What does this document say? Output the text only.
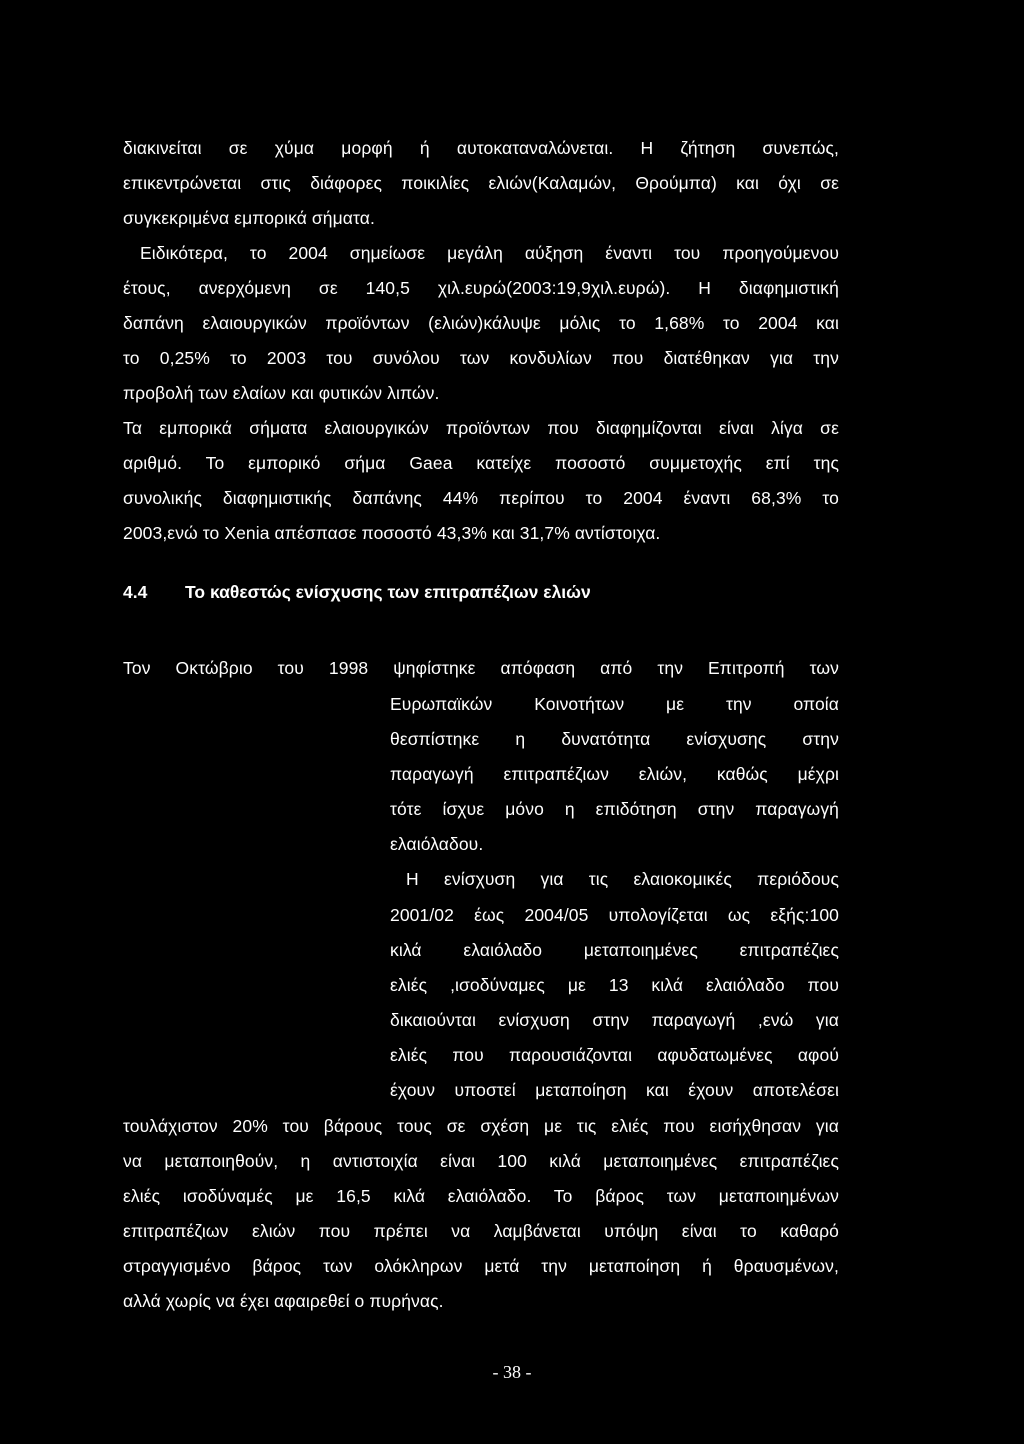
διακινείται σε χύμα μορφή ή αυτοκαταναλώνεται. Η ζήτηση συνεπώς,
επικεντρώνεται στις διάφορες ποικιλίες ελιών(Καλαμών, Θρούμπα) και όχι σε
συγκεκριμένα εμπορικά σήματα.
Ειδικότερα, το 2004 σημείωσε μεγάλη αύξηση έναντι του προηγούμενου
έτους, ανερχόμενη σε 140,5 χιλ.ευρώ(2003:19,9χιλ.ευρώ). Η διαφημιστική
δαπάνη ελαιουργικών προϊόντων (ελιών)κάλυψε μόλις το 1,68% το 2004 και
το 0,25% το 2003 του συνόλου των κονδυλίων που διατέθηκαν για την
προβολή των ελαίων και φυτικών λιπών.
Τα εμπορικά σήματα ελαιουργικών προϊόντων που διαφημίζονται είναι λίγα σε
αριθμό. Το εμπορικό σήμα Gaea κατείχε ποσοστό συμμετοχής επί της
συνολικής διαφημιστικής δαπάνης 44% περίπου το 2004 έναντι 68,3% το
2003,ενώ το Xenia απέσπασε ποσοστό 43,3% και 31,7% αντίστοιχα.
4.4 Το καθεστώς ενίσχυσης των επιτραπέζιων ελιών
Τον Οκτώβριο του 1998 ψηφίστηκε απόφαση από την Επιτροπή των
Ευρωπαϊκών Κοινοτήτων με την οποία
θεσπίστηκε η δυνατότητα ενίσχυσης στην
παραγωγή επιτραπέζιων ελιών, καθώς μέχρι
τότε ίσχυε μόνο η επιδότηση στην παραγωγή
ελαιόλαδου.
Η ενίσχυση για τις ελαιοκομικές περιόδους
2001/02 έως 2004/05 υπολογίζεται ως εξής:100
κιλά ελαιόλαδο μεταποιημένες επιτραπέζιες
ελιές ,ισοδύναμες με 13 κιλά ελαιόλαδο που
δικαιούνται ενίσχυση στην παραγωγή ,ενώ για
ελιές που παρουσιάζονται αφυδατωμένες αφού
έχουν υποστεί μεταποίηση και έχουν αποτελέσει
τουλάχιστον 20% του βάρους τους σε σχέση με τις ελιές που εισήχθησαν για
να μεταποιηθούν, η αντιστοιχία είναι 100 κιλά μεταποιημένες επιτραπέζιες
ελιές ισοδύναμές με 16,5 κιλά ελαιόλαδο. Το βάρος των μεταποιημένων
επιτραπέζιων ελιών που πρέπει να λαμβάνεται υπόψη είναι το καθαρό
στραγγισμένο βάρος των ολόκληρων μετά την μεταποίηση ή θραυσμένων,
αλλά χωρίς να έχει αφαιρεθεί ο πυρήνας.
- 38 -
